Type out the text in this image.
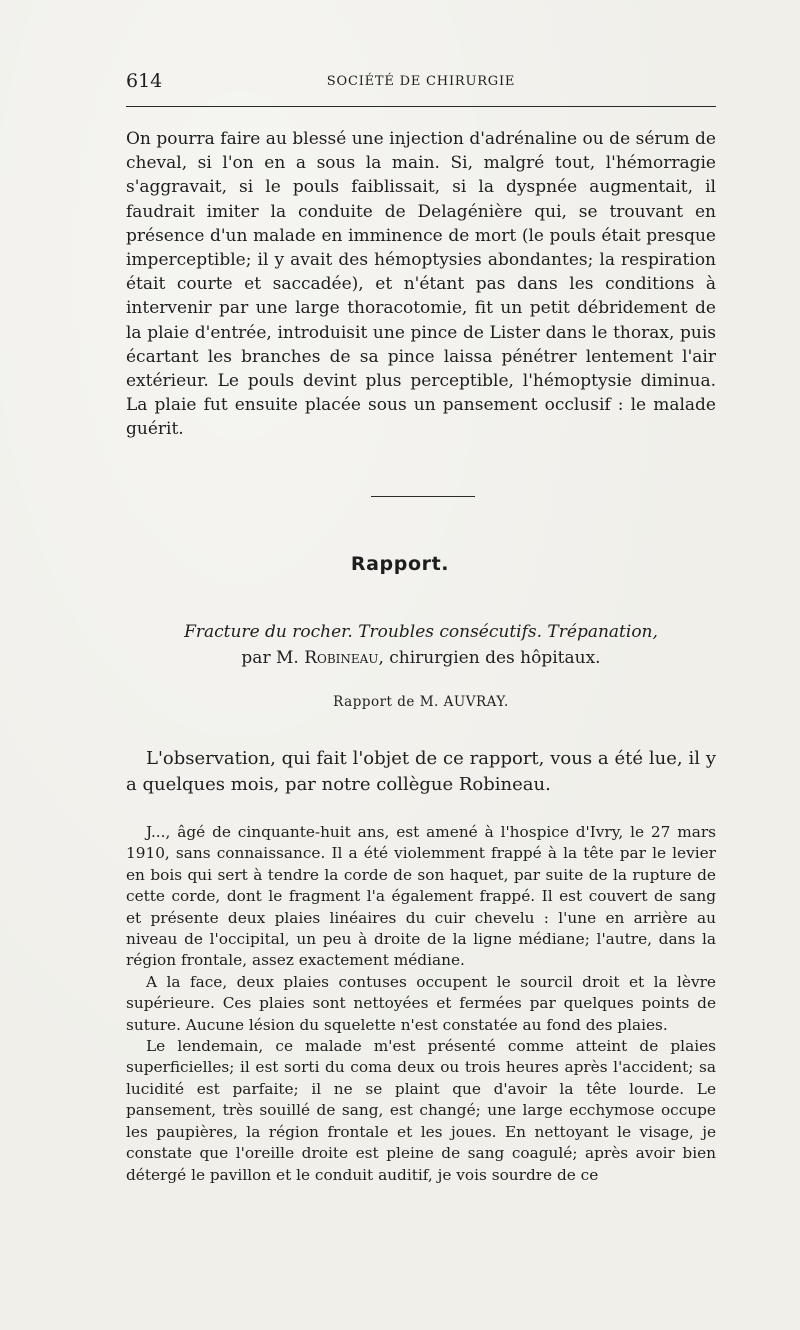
614	SOCIÉTÉ DE CHIRURGIE

On pourra faire au blessé une injection d'adrénaline ou de sérum de cheval, si l'on en a sous la main. Si, malgré tout, l'hémorragie s'aggravait, si le pouls faiblissait, si la dyspnée augmentait, il faudrait imiter la conduite de Delagénière qui, se trouvant en présence d'un malade en imminence de mort (le pouls était presque imperceptible; il y avait des hémoptysies abondantes; la respiration était courte et saccadée), et n'étant pas dans les conditions à intervenir par une large thoracotomie, fit un petit débridement de la plaie d'entrée, introduisit une pince de Lister dans le thorax, puis écartant les branches de sa pince laissa pénétrer lentement l'air extérieur. Le pouls devint plus perceptible, l'hémoptysie diminua. La plaie fut ensuite placée sous un pansement occlusif : le malade guérit.

Rapport.
Fracture du rocher. Troubles consécutifs. Trépanation,
par M. Robineau, chirurgien des hôpitaux.
Rapport de M. AUVRAY.

L'observation, qui fait l'objet de ce rapport, vous a été lue, il y a quelques mois, par notre collègue Robineau.

J..., âgé de cinquante-huit ans, est amené à l'hospice d'Ivry, le 27 mars 1910, sans connaissance. Il a été violemment frappé à la tête par le levier en bois qui sert à tendre la corde de son haquet, par suite de la rupture de cette corde, dont le fragment l'a également frappé. Il est couvert de sang et présente deux plaies linéaires du cuir chevelu : l'une en arrière au niveau de l'occipital, un peu à droite de la ligne médiane; l'autre, dans la région frontale, assez exactement médiane.

A la face, deux plaies contuses occupent le sourcil droit et la lèvre supérieure. Ces plaies sont nettoyées et fermées par quelques points de suture. Aucune lésion du squelette n'est constatée au fond des plaies.

Le lendemain, ce malade m'est présenté comme atteint de plaies superficielles; il est sorti du coma deux ou trois heures après l'accident; sa lucidité est parfaite; il ne se plaint que d'avoir la tête lourde. Le pansement, très souillé de sang, est changé; une large ecchymose occupe les paupières, la région frontale et les joues. En nettoyant le visage, je constate que l'oreille droite est pleine de sang coagulé; après avoir bien détergé le pavillon et le conduit auditif, je vois sourdre de ce
